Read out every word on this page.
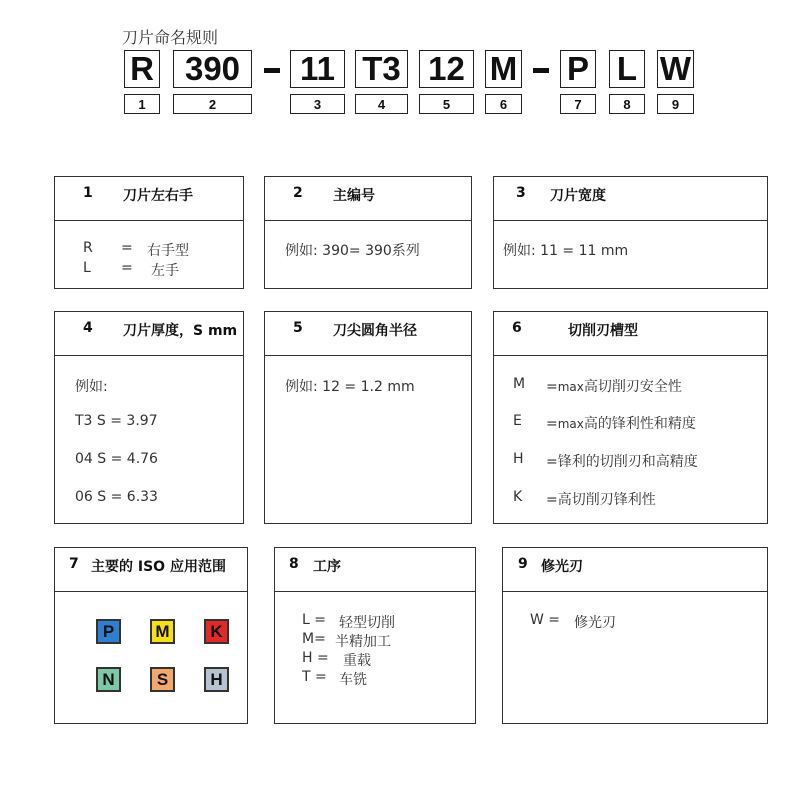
刀片命名规则
R 390 11 T3 12 M P L W
1	2	3	4	5	6	7	8	9
1 刀片左右手
R = 右手型
L = 左手
2 主编号
例如: 390= 390系列
3 刀片宽度
例如: 11 = 11 mm
4 刀片厚度，S mm
例如:
T3 S = 3.97
04 S = 4.76
06 S = 6.33
5 刀尖圆角半径
例如: 12 = 1.2 mm
6	切削刃槽型
M =max高切削刃安全性
E =max高的锋利性和精度
H =锋利的切削刃和高精度
K =高切削刃锋利性
7 主要的 ISO 应用范围
P M K
N S H
8 工序
L = 轻型切削
M= 半精加工
H = 重载
T = 车铣
9 修光刃
W = 修光刃
